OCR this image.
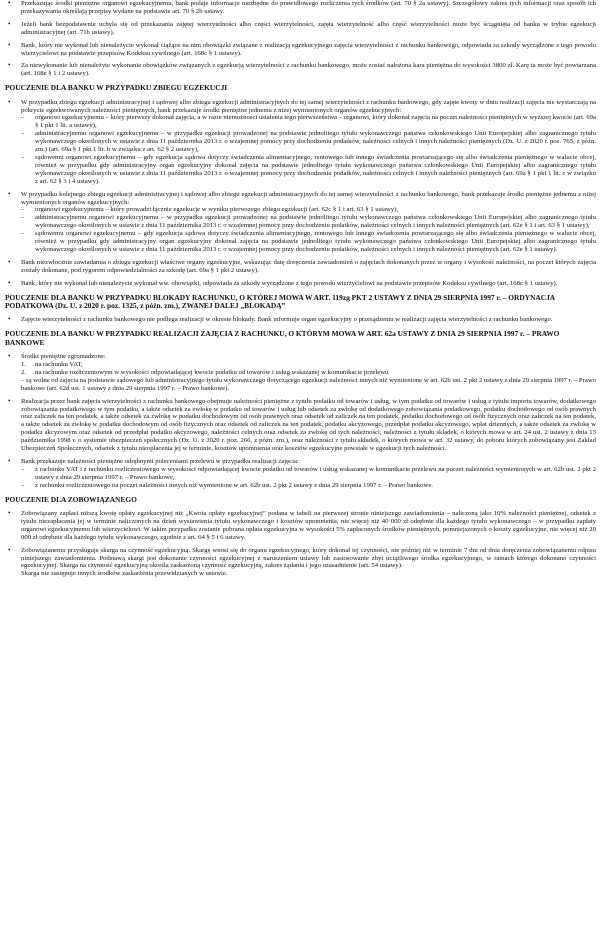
• Przekazując środki pieniężne organowi egzekucyjnemu, bank podaje informacje niezbędne do prawidłowego rozliczenia tych środków (art. 70 § 2a ustawy). Szczegółowy zakres tych informacji oraz sposób ich przekazywania określają przepisy wydane na podstawie art. 70 § 2b ustawy.
• Jeżeli bank bezpodstawnie uchyla się od przekazania zajętej wierzytelności albo części wierzytelności, zajęta wierzytelność albo część wierzytelności może być ściągnięta od banku w trybie egzekucji administracyjnej (art. 71b ustawy).
• Bank, który nie wykonał lub nienależycie wykonał ciążące na nim obowiązki związane z realizacją egzekucyjnego zajęcia wierzytelności z rachunku bankowego, odpowiada za szkody wyrządzone z tego powodu wierzycielowi na podstawie przepisów Kodeksu cywilnego (art. 168c § 1 ustawy).
• Za niewykonanie lub nienależyte wykonanie obowiązków związanych z egzekucją wierzytelności z rachunku bankowego, może zostać nałożona kara pieniężna do wysokości 3800 zł. Karę ta może być powtarzana (art. 168e § 1 i 2 ustawy).
POUCZENIE DLA BANKU W PRZYPADKU ZBIEGU EGZEKUCJI
• W przypadku zbiegu egzekucji administracyjnej i sądowej albo zbiegu egzekucji administracyjnych do tej samej wierzytelności z rachunku bankowego, gdy zajęte kwoty w dniu realizacji zajęcia nie wystarczają na pokrycie egzekwowanych należności pieniężnych, bank przekazuje środki pieniężne jednemu z niżej wymienionych organów egzekucyjnych:
– organowi egzekucyjnemu – który pierwszy dokonał zajęcia, a w razie niemożności ustalenia tego pierwszeństwa – organowi, który dokonał zajęcia na poczet należności pieniężnych w wyższej kwocie (art. 69a § 1 pkt 1 lit. a ustawy),
– administracyjnemu organowi egzekucyjnemu – w przypadku egzekucji prowadzonej na podstawie jednolitego tytułu wykonawczego państwa członkowskiego Unii Europejskiej albo zagranicznego tytułu wykonawczego określonych w ustawie z dnia 11 października 2013 r. o wzajemnej pomocy przy dochodzeniu podatków, należności celnych i innych należności pieniężnych (Dz. U. z 2020 r. poz. 765, z późn. zm.) (art. 69a § 1 pkt 1 lit. b w związku z art. 62 § 2 ustawy),
– sądowemu organowi egzekucyjnemu – gdy egzekucja sądowa dotyczy świadczenia alimentacyjnego, rentowego lub innego świadczenia powtarzającego się albo świadczenia pieniężnego w walucie obcej, również w przypadku gdy administracyjny organ egzekucyjny dokonał zajęcia na podstawie jednolitego tytułu wykonawczego państwa członkowskiego Unii Europejskiej albo zagranicznego tytułu wykonawczego określonych w ustawie z dnia 11 października 2013 r. o wzajemnej pomocy przy dochodzeniu podatków, należności celnych i innych należności pieniężnych (art. 69a § 1 pkt 1 lit. c w związku z art. 62 § 3 i 4 ustawy).
• W przypadku kolejnego zbiegu egzekucji administracyjnej i sądowej albo zbiegu egzekucji administracyjnych do tej samej wierzytelności z rachunku bankowego, bank przekazuje środki pieniężne jednemu z niżej wymienionych organów egzekucyjnych:
– organowi egzekucyjnemu – który prowadzi łącznie egzekucje w wyniku pierwszego zbiegu egzekucji (art. 62c § 1 i art. 63 § 1 ustawy),
– administracyjnemu organowi egzekucyjnemu – w przypadku egzekucji prowadzonej na podstawie jednolitego tytułu wykonawczego państwa członkowskiego Unii Europejskiej albo zagranicznego tytułu wykonawczego określonych w ustawie z dnia 11 października 2013 r. o wzajemnej pomocy przy dochodzeniu podatków, należności celnych i innych należności pieniężnych (art. 62e § 1 i art. 63 § 1 ustawy),
– sądowemu organowi egzekucyjnemu – gdy egzekucja sądowa dotyczy świadczenia alimentacyjnego, rentowego lub innego świadczenia powtarzającego się albo świadczenia pieniężnego w walucie obcej, również w przypadku gdy administracyjny organ egzekucyjny dokonał zajęcia na podstawie jednolitego tytułu wykonawczego państwa członkowskiego Unii Europejskiej albo zagranicznego tytułu wykonawczego określonych w ustawie z dnia 11 października 2013 r. o wzajemnej pomocy przy dochodzeniu podatków, należności celnych i innych należności pieniężnych (art. 62e § 1 ustawy).
• Bank niezwłocznie zawiadamia o zbiegu egzekucji właściwe organy egzekucyjne, wskazując datę doręczenia zawiadomień o zajęciach dokonanych przez te organy i wysokość należności, na poczet których zajęcia zostały dokonane, pod rygorem odpowiedzialności za szkodę (art. 69a § 1 pkt 2 ustawy).
• Bank, który nie wykonał lub nienależycie wykonał ww. obowiązki, odpowiada za szkody wyrządzone z tego powodu wierzycielowi na podstawie przepisów Kodeksu cywilnego (art. 168c § 1 ustawy).
POUCZENIE DLA BANKU W PRZYPADKU BLOKADY RACHUNKU, O KTÓREJ MOWA W ART. 119zg PKT 2 USTAWY Z DNIA 29 SIERPNIA 1997 r. – ORDYNACJA PODATKOWA (Dz. U. z 2020 r. poz. 1325, z późn. zm.), ZWANEJ DALEJ „BLOKADĄ”
• Zajęcie wierzytelności z rachunku bankowego nie podlega realizacji w okresie blokady. Bank informuje organ egzekucyjny o przesądzeniu w realizacji zajęcia wierzytelności z rachunku bankowego.
POUCZENIE DLA BANKU W PRZYPADKU REALIZACJI ZAJĘCIA Z RACHUNKU, O KTÓRYM MOWA W ART. 62a USTAWY Z DNIA 29 SIERPNIA 1997 r. – PRAWO BANKOWE
• Środki pieniężne zgromadzone:
1. na rachunku VAT,
2. na rachunku rozliczeniowym w wysokości odpowiadającej kwocie podatku od towarów i usług wskazanej w komunikacie przelewu
– są wolne od zajęcia na podstawie sądowego lub administracyjnego tytułu wykonawczego dotyczącego egzekucji należności innych niż wymienione w art. 62b ust. 2 pkt 2 ustawy z dnia 29 sierpnia 1997 r. – Prawo bankowe (art. 62d ust. 1 ustawy z dnia 29 sierpnia 1997 r. – Prawo bankowe).
• Realizacja przez bank zajęcia wierzytelności z rachunku bankowego obejmuje należności pieniężne z tytułu podatku od towarów i usług, w tym podatku od towarów i usług z tytułu importu towarów, dodatkowego zobowiązania podatkowego w tym podatku, a także odsetek za zwłokę w podatku od towarów i usług lub odsetek za zwłokę od dodatkowego zobowiązania podatkowego, podatku dochodowego od osób prawnych oraz zaliczek na ten podatek, a także odsetek za zwłokę w podatku dochodowym od osób prawnych oraz odsetek od zaliczek na ten podatek, podatku dochodowego od osób fizycznych oraz zaliczek na ten podatek, a także odsetek za zwłokę w podatku dochodowym od osób fizycznych oraz odsetek od zaliczek na ten podatek, podatku akcyzowego, przedpłat podatku akcyzowego, wpłat dziennych, a także odsetek za zwłokę w podatku akcyzowym oraz odsetek od przedpłat podatku akcyzowego, należności celnych oraz odsetek za zwłokę od tych należności, należności z tytułu składek, o których mowa w art. 24 ust. 2 ustawy z dnia 13 października 1998 r. o systemie ubezpieczeń społecznych (Dz. U. z 2020 r. poz. 266, z późn. zm.), oraz należności z tytułu składek, o których mowa w art. 32 ustawy, do poboru których zobowiązany jest Zakład Ubezpieczeń Społecznych, odsetek z tytułu nieopłacenia jej w terminie, kosztów upomnienia oraz kosztów egzekucyjne powstałe w egzekucji tych należności.
• Bank przekazuje należności pieniężne odrębnymi poleceniami przelewu w przypadku realizacji zajęcia:
– z rachunku VAT i z rachunku rozliczeniowego w wysokości odpowiadającej kwocie podatku od towarów i usług wskazanej w komunikacie przelewu na poczet należności wymienionych w art. 62b ust. 2 pkt 2 ustawy z dnia 29 sierpnia 1997 r. – Prawo bankowe,
– z rachunku rozliczeniowego na poczet należności innych niż wymienione w art. 62b ust. 2 pkt 2 ustawy z dnia 29 sierpnia 1997 r. – Prawo bankowe.
POUCZENIE DLA ZOBOWIĄZANEGO
• Zobowiązany zapłaci niższą kwotę opłaty egzekucyjnej niż „Kwota opłaty egzekucyjnej” podana w tabeli na pierwszej stronie niniejszego zawiadomienia – naliczoną jako 10% należności pieniężnej, odsetek z tytułu niezapłacenia jej w terminie naliczonych na dzień wystawienia tytułu wykonawczego i kosztów upomnienia, nie więcej niż 40 000 zł odrębnie dla każdego tytułu wykonawczego – w przypadku zapłaty organowi egzekucyjnemu lub wierzycielowi. W takim przypadku zostanie pobrana opłata egzekucyjna w wysokości 5% zapłaconych środków pieniężnych, pomniejszonych o koszty egzekucyjne, nie więcej niż 20 000 zł odrębnie dla każdego tytułu wykonawczego, zgodnie z art. 64 § 5 i 6 ustawy.
• Zobowiązanemu przysługuje skarga na czynność egzekucyjną. Skargę wnosi się do organu egzekucyjnego, który dokonał tej czynności, nie później niż w terminie 7 dni od dnia doręczenia zobowiązanemu odpisu niniejszego zawiadomienia. Podstawą skargi jest dokonanie czynności egzekucyjnej z naruszeniem ustawy lub zastosowanie zbyt uciążliwego środka egzekucyjnego, w ramach którego dokonano czynności egzekucyjnej. Skarga na czynność egzekucyjną określa zaskarżoną czynność egzekucyjną, zakres żądania i jego uzasadnienie (art. 54 ustawy).
Skarga nie zastępuje innych środków zaskarżenia przewidzianych w ustawie.
